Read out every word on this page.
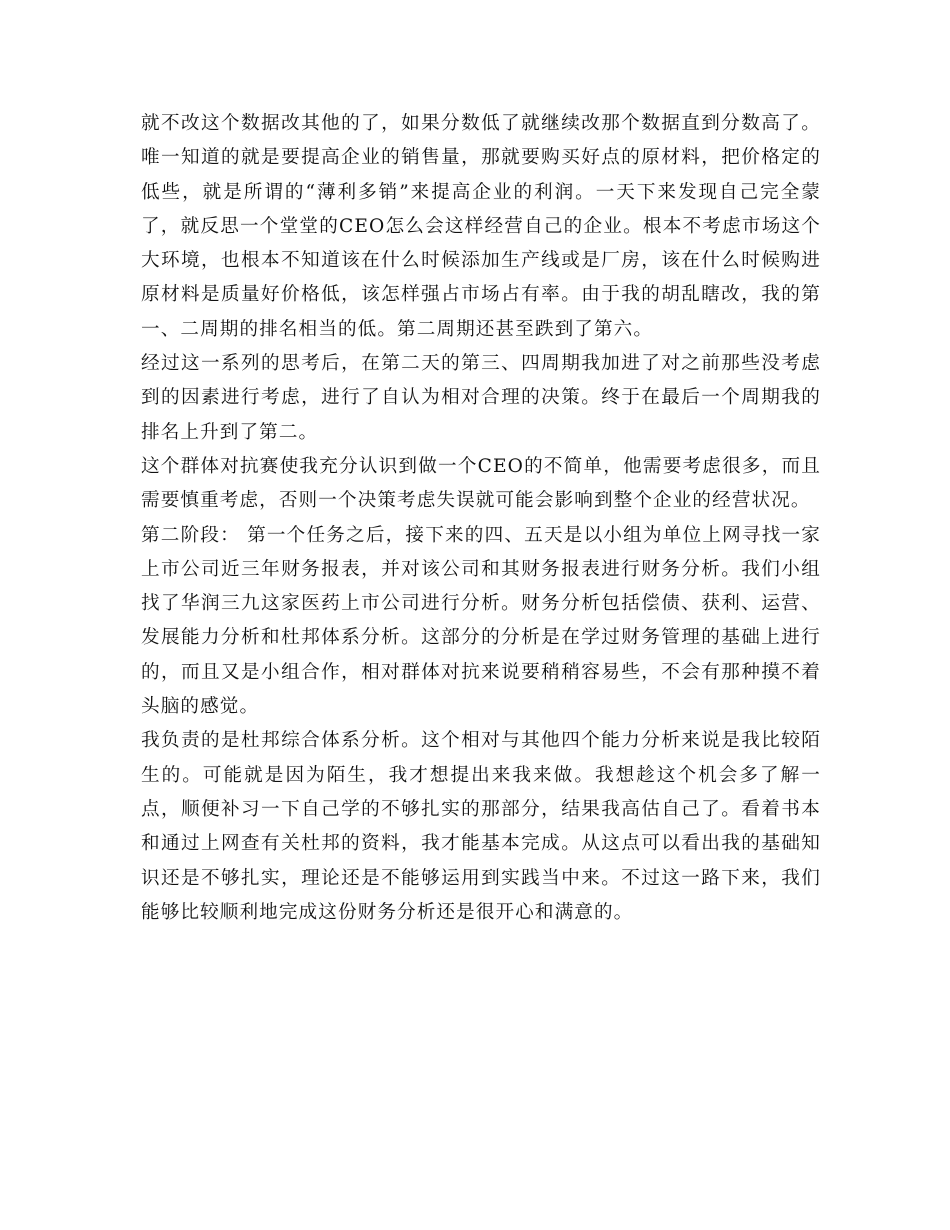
就不改这个数据改其他的了，如果分数低了就继续改那个数据直到分数高了。唯一知道的就是要提高企业的销售量，那就要购买好点的原材料，把价格定的低些，就是所谓的“薄利多销”来提高企业的利润。一天下来发现自己完全蒙了，就反思一个堂堂的CEO怎么会这样经营自己的企业。根本不考虑市场这个大环境，也根本不知道该在什么时候添加生产线或是厂房，该在什么时候购进原材料是质量好价格低，该怎样强占市场占有率。由于我的胡乱瞎改，我的第一、二周期的排名相当的低。第二周期还甚至跌到了第六。

经过这一系列的思考后，在第二天的第三、四周期我加进了对之前那些没考虑到的因素进行考虑，进行了自认为相对合理的决策。终于在最后一个周期我的排名上升到了第二。

这个群体对抗赛使我充分认识到做一个CEO的不简单，他需要考虑很多，而且需要慎重考虑，否则一个决策考虑失误就可能会影响到整个企业的经营状况。

第二阶段： 第一个任务之后，接下来的四、五天是以小组为单位上网寻找一家上市公司近三年财务报表，并对该公司和其财务报表进行财务分析。我们小组找了华润三九这家医药上市公司进行分析。财务分析包括偿债、获利、运营、发展能力分析和杜邦体系分析。这部分的分析是在学过财务管理的基础上进行的，而且又是小组合作，相对群体对抗来说要稍稍容易些，不会有那种摸不着头脑的感觉。

我负责的是杜邦综合体系分析。这个相对与其他四个能力分析来说是我比较陌生的。可能就是因为陌生，我才想提出来我来做。我想趁这个机会多了解一点，顺便补习一下自己学的不够扎实的那部分，结果我高估自己了。看着书本和通过上网查有关杜邦的资料，我才能基本完成。从这点可以看出我的基础知识还是不够扎实，理论还是不能够运用到实践当中来。不过这一路下来，我们能够比较顺利地完成这份财务分析还是很开心和满意的。
